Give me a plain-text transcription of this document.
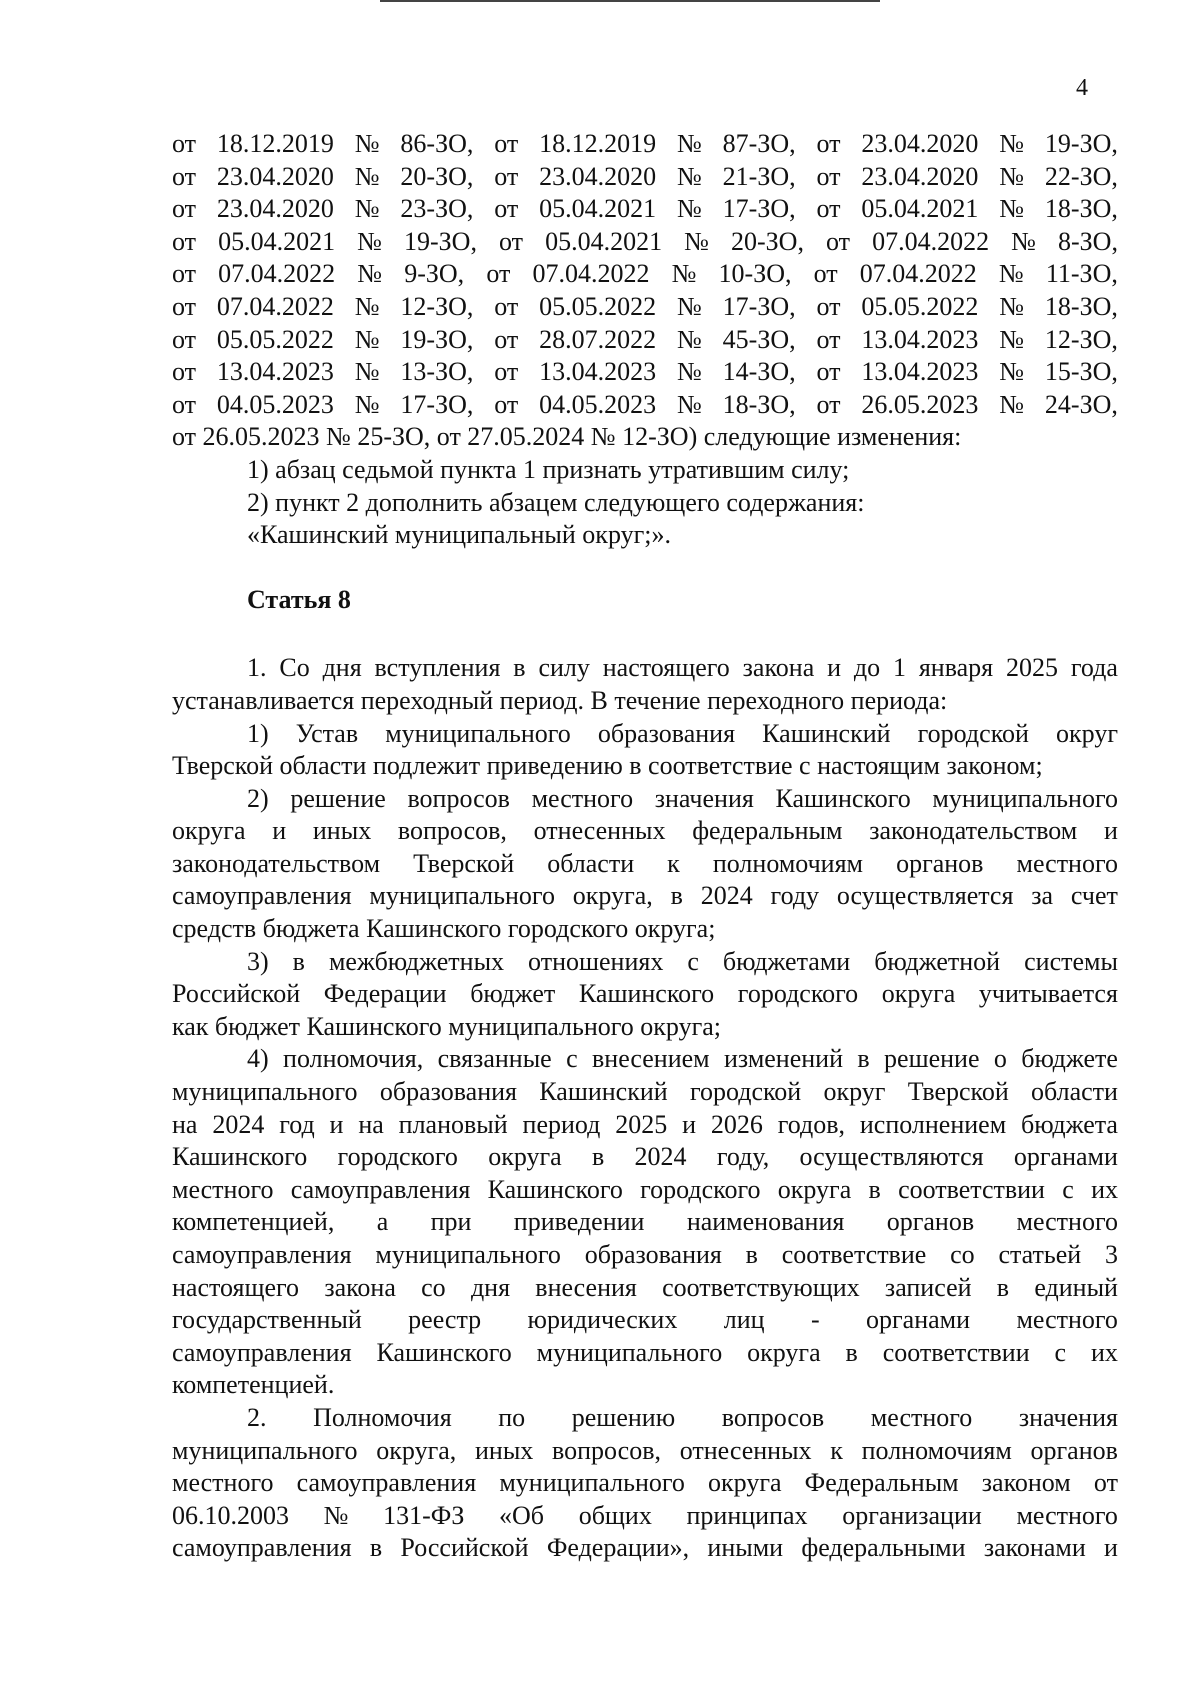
4
от 18.12.2019 № 86-ЗО, от 18.12.2019 № 87-ЗО, от 23.04.2020 № 19-ЗО,
от 23.04.2020 № 20-ЗО, от 23.04.2020 № 21-ЗО, от 23.04.2020 № 22-ЗО,
от 23.04.2020 № 23-ЗО, от 05.04.2021 № 17-ЗО, от 05.04.2021 № 18-ЗО,
от 05.04.2021 № 19-ЗО, от 05.04.2021 № 20-ЗО, от 07.04.2022 № 8-ЗО,
от 07.04.2022 № 9-ЗО, от 07.04.2022 № 10-ЗО, от 07.04.2022 № 11-ЗО,
от 07.04.2022 № 12-ЗО, от 05.05.2022 № 17-ЗО, от 05.05.2022 № 18-ЗО,
от 05.05.2022 № 19-ЗО, от 28.07.2022 № 45-ЗО, от 13.04.2023 № 12-ЗО,
от 13.04.2023 № 13-ЗО, от 13.04.2023 № 14-ЗО, от 13.04.2023 № 15-ЗО,
от 04.05.2023 № 17-ЗО, от 04.05.2023 № 18-ЗО, от 26.05.2023 № 24-ЗО,
от 26.05.2023 № 25-ЗО, от 27.05.2024 № 12-ЗО) следующие изменения:
1) абзац седьмой пункта 1 признать утратившим силу;
2) пункт 2 дополнить абзацем следующего содержания:
«Кашинский муниципальный округ;».
Статья 8
1. Со дня вступления в силу настоящего закона и до 1 января 2025 года
устанавливается переходный период. В течение переходного периода:
1) Устав муниципального образования Кашинский городской округ
Тверской области подлежит приведению в соответствие с настоящим законом;
2) решение вопросов местного значения Кашинского муниципального
округа и иных вопросов, отнесенных федеральным законодательством и
законодательством Тверской области к полномочиям органов местного
самоуправления муниципального округа, в 2024 году осуществляется за счет
средств бюджета Кашинского городского округа;
3) в межбюджетных отношениях с бюджетами бюджетной системы
Российской Федерации бюджет Кашинского городского округа учитывается
как бюджет Кашинского муниципального округа;
4) полномочия, связанные с внесением изменений в решение о бюджете
муниципального образования Кашинский городской округ Тверской области
на 2024 год и на плановый период 2025 и 2026 годов, исполнением бюджета
Кашинского городского округа в 2024 году, осуществляются органами
местного самоуправления Кашинского городского округа в соответствии с их
компетенцией, а при приведении наименования органов местного
самоуправления муниципального образования в соответствие со статьей 3
настоящего закона со дня внесения соответствующих записей в единый
государственный реестр юридических лиц - органами местного
самоуправления Кашинского муниципального округа в соответствии с их
компетенцией.
2. Полномочия по решению вопросов местного значения
муниципального округа, иных вопросов, отнесенных к полномочиям органов
местного самоуправления муниципального округа Федеральным законом от
06.10.2003 № 131-ФЗ «Об общих принципах организации местного
самоуправления в Российской Федерации», иными федеральными законами и
